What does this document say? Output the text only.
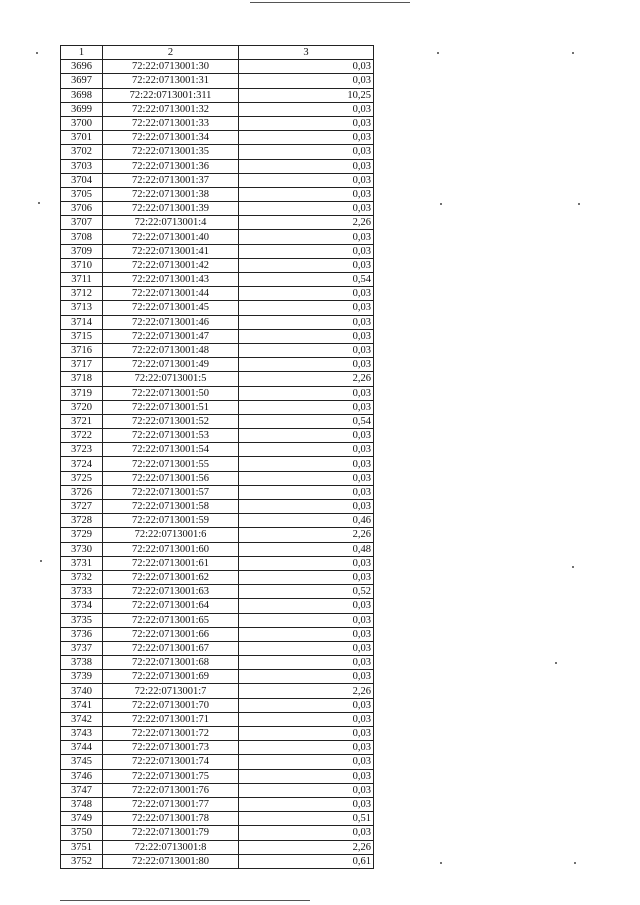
1	2	3
3696	72:22:0713001:30	0,03
3697	72:22:0713001:31	0,03
3698	72:22:0713001:311	10,25
3699	72:22:0713001:32	0,03
3700	72:22:0713001:33	0,03
3701	72:22:0713001:34	0,03
3702	72:22:0713001:35	0,03
3703	72:22:0713001:36	0,03
3704	72:22:0713001:37	0,03
3705	72:22:0713001:38	0,03
3706	72:22:0713001:39	0,03
3707	72:22:0713001:4	2,26
3708	72:22:0713001:40	0,03
3709	72:22:0713001:41	0,03
3710	72:22:0713001:42	0,03
3711	72:22:0713001:43	0,54
3712	72:22:0713001:44	0,03
3713	72:22:0713001:45	0,03
3714	72:22:0713001:46	0,03
3715	72:22:0713001:47	0,03
3716	72:22:0713001:48	0,03
3717	72:22:0713001:49	0,03
3718	72:22:0713001:5	2,26
3719	72:22:0713001:50	0,03
3720	72:22:0713001:51	0,03
3721	72:22:0713001:52	0,54
3722	72:22:0713001:53	0,03
3723	72:22:0713001:54	0,03
3724	72:22:0713001:55	0,03
3725	72:22:0713001:56	0,03
3726	72:22:0713001:57	0,03
3727	72:22:0713001:58	0,03
3728	72:22:0713001:59	0,46
3729	72:22:0713001:6	2,26
3730	72:22:0713001:60	0,48
3731	72:22:0713001:61	0,03
3732	72:22:0713001:62	0,03
3733	72:22:0713001:63	0,52
3734	72:22:0713001:64	0,03
3735	72:22:0713001:65	0,03
3736	72:22:0713001:66	0,03
3737	72:22:0713001:67	0,03
3738	72:22:0713001:68	0,03
3739	72:22:0713001:69	0,03
3740	72:22:0713001:7	2,26
3741	72:22:0713001:70	0,03
3742	72:22:0713001:71	0,03
3743	72:22:0713001:72	0,03
3744	72:22:0713001:73	0,03
3745	72:22:0713001:74	0,03
3746	72:22:0713001:75	0,03
3747	72:22:0713001:76	0,03
3748	72:22:0713001:77	0,03
3749	72:22:0713001:78	0,51
3750	72:22:0713001:79	0,03
3751	72:22:0713001:8	2,26
3752	72:22:0713001:80	0,61
